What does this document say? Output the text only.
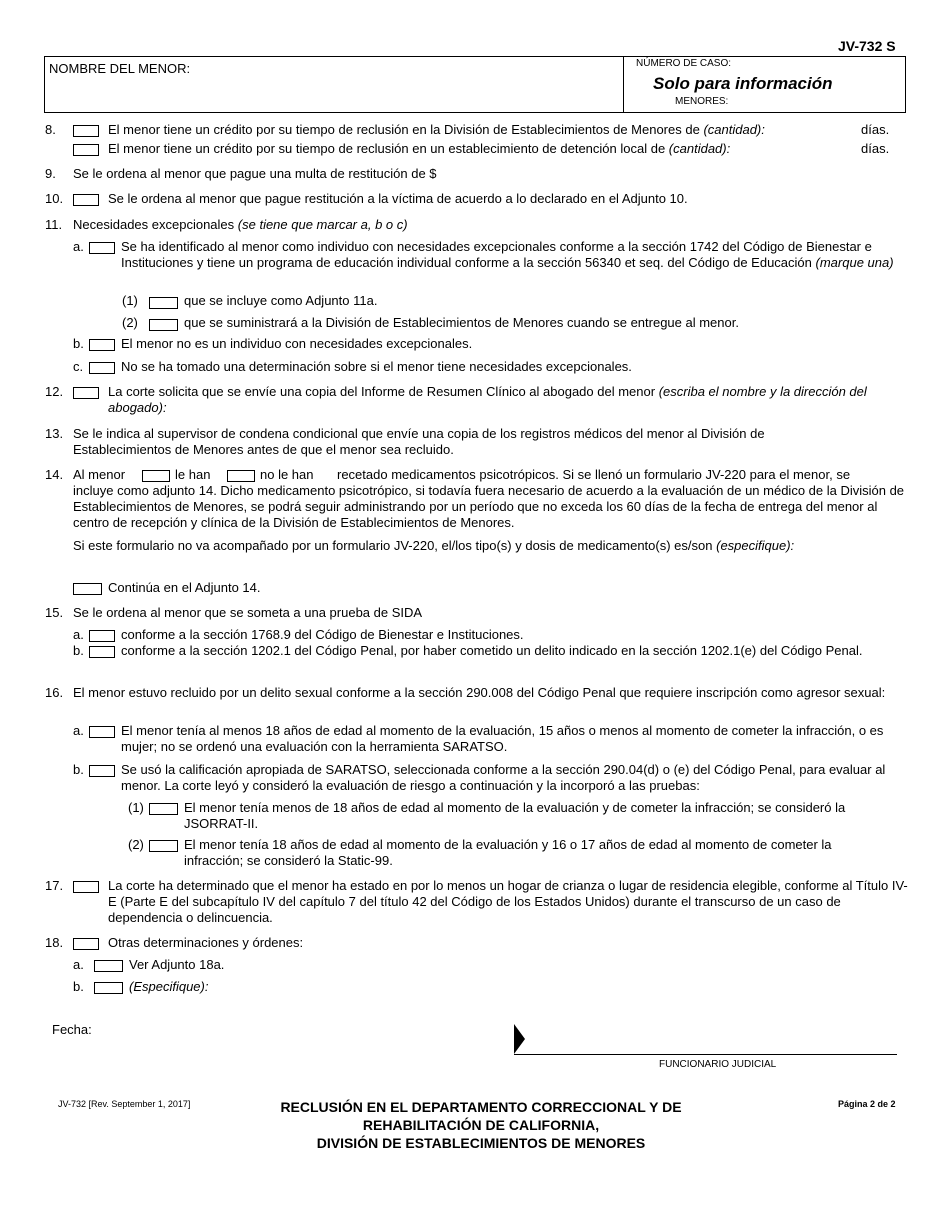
JV-732 S
NOMBRE DEL MENOR:	NÚMERO DE CASO:
Solo para información
MENORES:
8.	El menor tiene un crédito por su tiempo de reclusión en la División de Establecimientos de Menores de (cantidad):	días.
El menor tiene un crédito por su tiempo de reclusión en un establecimiento de detención local de (cantidad):	días.
9. Se le ordena al menor que pague una multa de restitución de $
10.	Se le ordena al menor que pague restitución a la víctima de acuerdo a lo declarado en el Adjunto 10.
11. Necesidades excepcionales (se tiene que marcar a, b o c)
a.	Se ha identificado al menor como individuo con necesidades excepcionales conforme a la sección 1742 del Código de Bienestar e Instituciones y tiene un programa de educación individual conforme a la sección 56340 et seq. del Código de Educación (marque una)
(1)	que se incluye como Adjunto 11a.
(2)	que se suministrará a la División de Establecimientos de Menores cuando se entregue al menor.
b.	El menor no es un individuo con necesidades excepcionales.
c.	No se ha tomado una determinación sobre si el menor tiene necesidades excepcionales.
12.	La corte solicita que se envíe una copia del Informe de Resumen Clínico al abogado del menor (escriba el nombre y la dirección del abogado):
13. Se le indica al supervisor de condena condicional que envíe una copia de los registros médicos del menor al División de Establecimientos de Menores antes de que el menor sea recluido.
14. Al menor	le han	no le han recetado medicamentos psicotrópicos. Si se llenó un formulario JV-220 para el menor, se
incluye como adjunto 14. Dicho medicamento psicotrópico, si todavía fuera necesario de acuerdo a la evaluación de un médico de la División de Establecimientos de Menores, se podrá seguir administrando por un período que no exceda los 60 días de la fecha de entrega del menor al centro de recepción y clínica de la División de Establecimientos de Menores.
Si este formulario no va acompañado por un formulario JV-220, el/los tipo(s) y dosis de medicamento(s) es/son (especifique):
Continúa en el Adjunto 14.
15. Se le ordena al menor que se someta a una prueba de SIDA
a.	conforme a la sección 1768.9 del Código de Bienestar e Instituciones.
b.	conforme a la sección 1202.1 del Código Penal, por haber cometido un delito indicado en la sección 1202.1(e) del Código Penal.
16. El menor estuvo recluido por un delito sexual conforme a la sección 290.008 del Código Penal que requiere inscripción como agresor sexual:
a.	El menor tenía al menos 18 años de edad al momento de la evaluación, 15 años o menos al momento de cometer la infracción, o es mujer; no se ordenó una evaluación con la herramienta SARATSO.
b.	Se usó la calificación apropiada de SARATSO, seleccionada conforme a la sección 290.04(d) o (e) del Código Penal, para evaluar al menor. La corte leyó y consideró la evaluación de riesgo a continuación y la incorporó a las pruebas:
(1)	El menor tenía menos de 18 años de edad al momento de la evaluación y de cometer la infracción; se consideró la JSORRAT-II.
(2)	El menor tenía 18 años de edad al momento de la evaluación y 16 o 17 años de edad al momento de cometer la infracción; se consideró la Static-99.
17.	La corte ha determinado que el menor ha estado en por lo menos un hogar de crianza o lugar de residencia elegible, conforme al Título IV-E (Parte E del subcapítulo IV del capítulo 7 del título 42 del Código de los Estados Unidos) durante el transcurso de un caso de dependencia o delincuencia.
18.	Otras determinaciones y órdenes:
a.	Ver Adjunto 18a.
b.	(Especifique):
Fecha:
FUNCIONARIO JUDICIAL
JV-732 [Rev. September 1, 2017]	RECLUSIÓN EN EL DEPARTAMENTO CORRECCIONAL Y DE
REHABILITACIÓN DE CALIFORNIA,
DIVISIÓN DE ESTABLECIMIENTOS DE MENORES
Página 2 de 2
